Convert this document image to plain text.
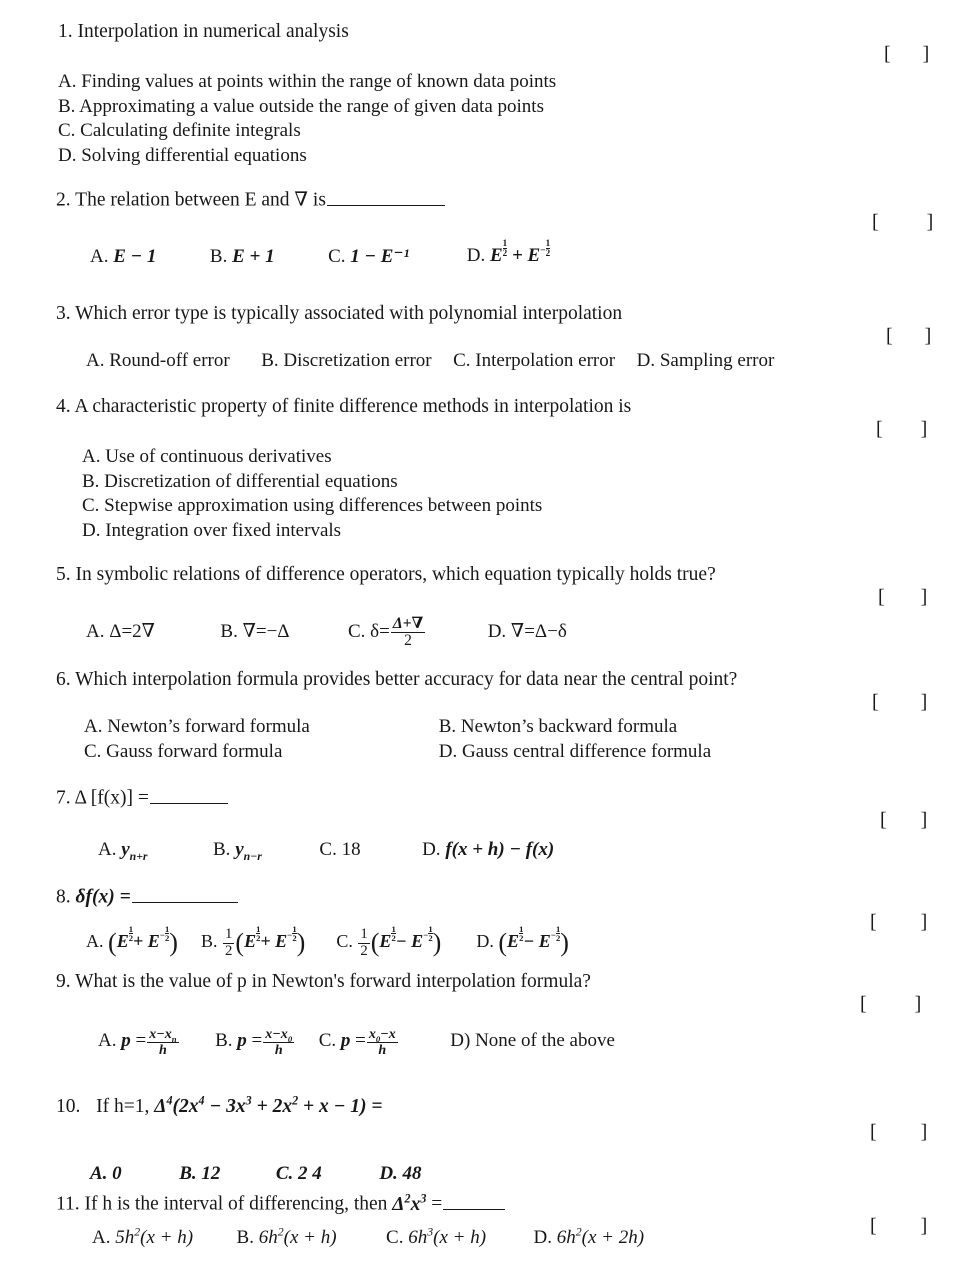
1. Interpolation in numerical analysis
A. Finding values at points within the range of known data points
B. Approximating a value outside the range of given data points
C. Calculating definite integrals
D. Solving differential equations

[ ]

2. The relation between E and ∇ is
A. E − 1	B. E + 1	C. 1 − E⁻¹	D. E $\frac{1}{2} + E- \frac{1}{2}$

[ ]

3. Which error type is typically associated with polynomial interpolation
A. Round-off error B. Discretization error C. Interpolation error D. Sampling error

[ ]

4. A characteristic property of finite difference methods in interpolation is
A. Use of continuous derivatives
B. Discretization of differential equations
C. Stepwise approximation using differences between points
D. Integration over fixed intervals

[ ]

5. In symbolic relations of difference operators, which equation typically holds true?
A. Δ=2∇	B. ∇=−Δ	C. $\delta= \frac{\Delta+\nabla}{2}$	D. ∇=Δ−δ

[ ]

6. Which interpolation formula provides better accuracy for data near the central point?
A. Newton’s forward formula	B. Newton’s backward formula
C. Gauss forward formula	D. Gauss central difference formula

[ ]

7. Δ [f(x)] =
A. $y_{n+r}$	B. $y_{n-r}$	C. 18	D. f(x + h) − f(x)

[ ]

8. δf(x) =
A. ($E \frac{1}{2} + E- \frac{1}{2}$ ) B. $\frac{1}{2} (E \frac{1}{2} + E- \frac{1}{2}$ ) C. $\frac{1}{2} (E \frac{1}{2} - E- \frac{1}{2}$ ) D. ($E \frac{1}{2} - E- \frac{1}{2}$ )

[ ]

9. What is the value of p in Newton's forward interpolation formula?
A. $p = \frac{x-x_n}{h} B$. $p = \frac{x-x_0}{h} C$. $p = \frac{x_0-x}{h}$	D) None of the above

[ ]

10. If h=1, $\Delta^4(2x^4 - 3x^3 + 2x^2 + x - 1)$ =
A. 0	B. 12	C. 2 4	D. 48

[ ]

11. If h is the interval of differencing, then $\Delta^2x^3$ =
A. $5h^2(x + h)$ B. $6h^2(x + h)$	C. $6h^3(x + h)$	D. $6h^2(x + 2h)$

[ ]
